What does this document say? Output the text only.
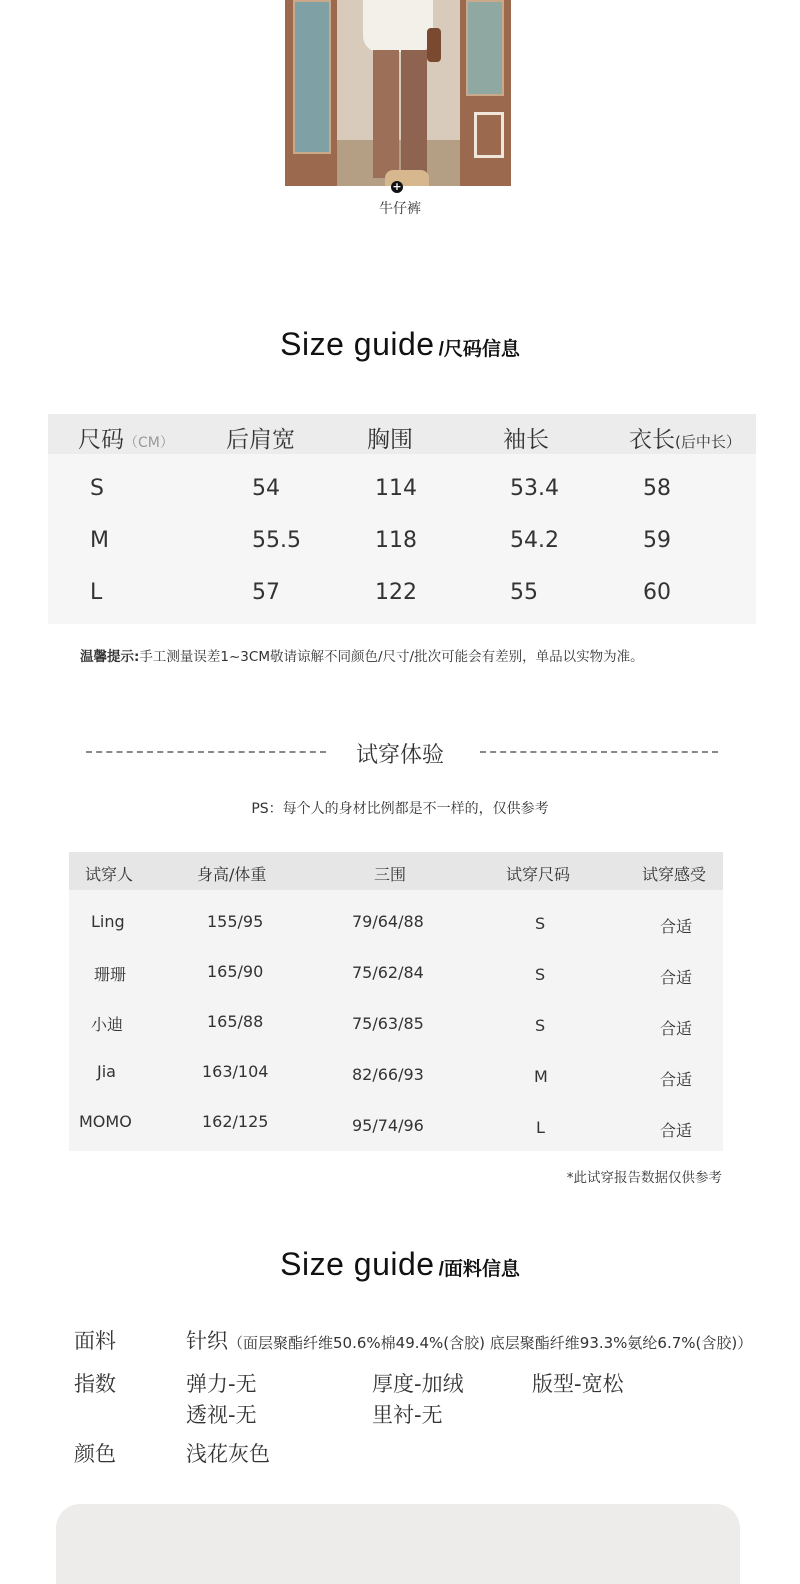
+
牛仔裤
Size guide /尺码信息
尺码（CM） 后肩宽	胸围	袖长	衣长(后中长）
S	54	114	53.4	58
M	55.5	118	54.2	59
L	57	122	55	60
温馨提示:手工测量误差1~3CM敬请谅解不同颜色/尺寸/批次可能会有差别，单品以实物为准。
试穿体验
PS：每个人的身材比例都是不一样的，仅供参考
试穿人	身高/体重	三围	试穿尺码	试穿感受
Ling	155/95	79/64/88	S	合适
珊珊	165/90	75/62/84	S	合适
小迪	165/88	75/63/85	S	合适
Jia	163/104	82/66/93	M	合适
MOMO	162/125	95/74/96	L	合适
*此试穿报告数据仅供参考
Size guide /面料信息
面料	针织（面层聚酯纤维50.6%棉49.4%(含胶) 底层聚酯纤维93.3%氨纶6.7%(含胶)）
指数	弹力-无	厚度-加绒	版型-宽松
透视-无	里衬-无
颜色	浅花灰色
